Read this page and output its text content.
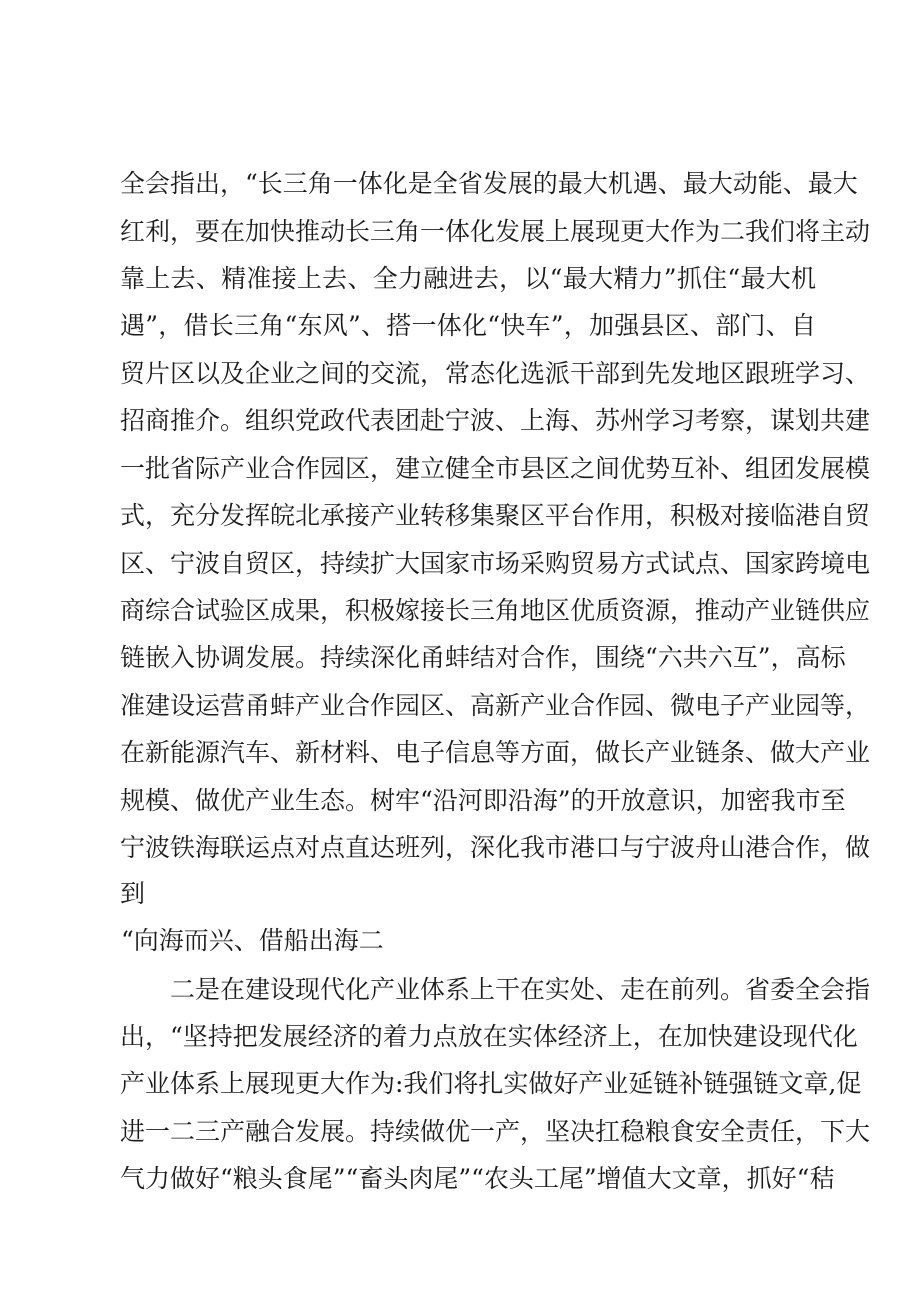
全会指出，“长三角一体化是全省发展的最大机遇、最大动能、最大

红利，要在加快推动长三角一体化发展上展现更大作为二我们将主动

靠上去、精准接上去、全力融进去，以“最大精力”抓住“最大机

遇”，借长三角“东风”、搭一体化“快车”，加强县区、部门、自

贸片区以及企业之间的交流，常态化选派干部到先发地区跟班学习、

招商推介。组织党政代表团赴宁波、上海、苏州学习考察，谋划共建

一批省际产业合作园区，建立健全市县区之间优势互补、组团发展模

式，充分发挥皖北承接产业转移集聚区平台作用，积极对接临港自贸

区、宁波自贸区，持续扩大国家市场采购贸易方式试点、国家跨境电

商综合试验区成果，积极嫁接长三角地区优质资源，推动产业链供应

链嵌入协调发展。持续深化甬蚌结对合作，围绕“六共六互”，高标

准建设运营甬蚌产业合作园区、高新产业合作园、微电子产业园等，

在新能源汽车、新材料、电子信息等方面，做长产业链条、做大产业

规模、做优产业生态。树牢“沿河即沿海”的开放意识，加密我市至

宁波铁海联运点对点直达班列，深化我市港口与宁波舟山港合作，做

到

“向海而兴、借船出海二

二是在建设现代化产业体系上干在实处、走在前列。省委全会指

出，“坚持把发展经济的着力点放在实体经济上，在加快建设现代化

产业体系上展现更大作为:我们将扎实做好产业延链补链强链文章,促

进一二三产融合发展。持续做优一产，坚决扛稳粮食安全责任，下大

气力做好“粮头食尾”“畜头肉尾”“农头工尾”增值大文章，抓好“秸
